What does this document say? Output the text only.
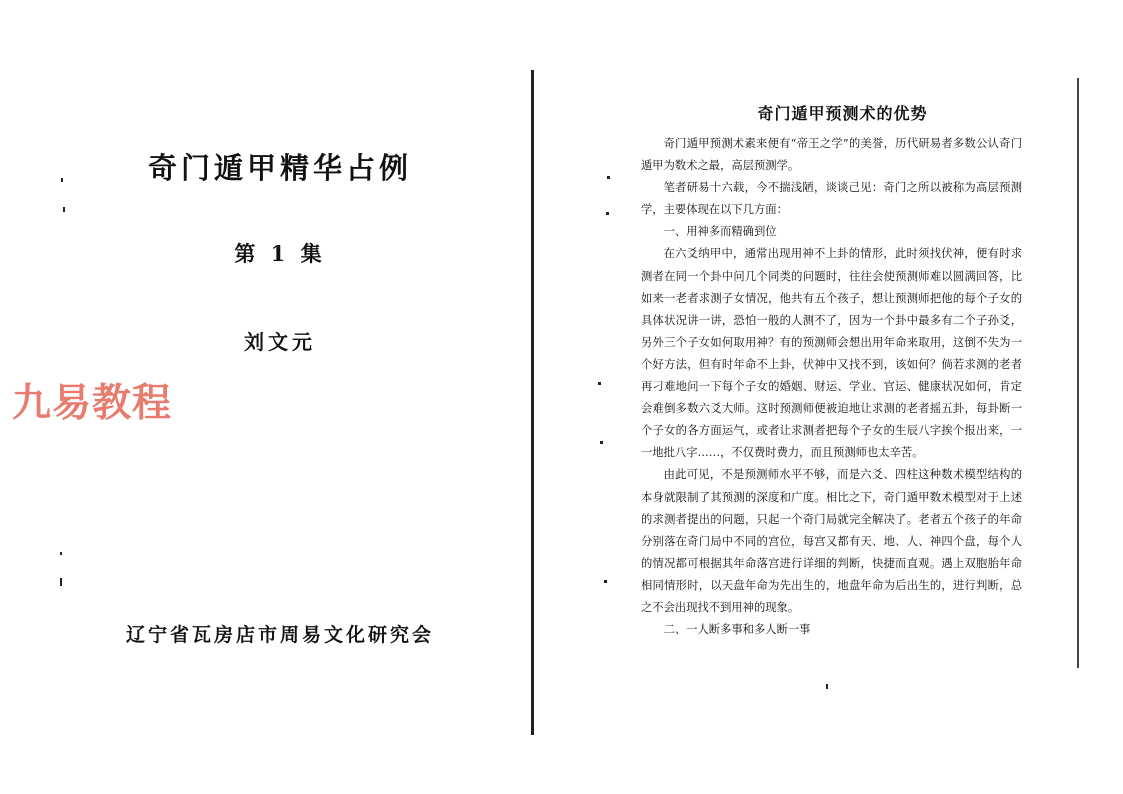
奇门遁甲精华占例
第 1 集
刘文元
辽宁省瓦房店市周易文化研究会
九易教程
奇门遁甲预测术的优势

奇门遁甲预测术素来便有“帝王之学”的美誉，历代研易者多数公认奇门遁甲为数术之最，高层预测学。

笔者研易十六载，今不揣浅陋，谈谈己见：奇门之所以被称为高层预测学，主要体现在以下几方面：

一、用神多而精确到位

在六爻纳甲中，通常出现用神不上卦的情形，此时须找伏神，便有时求测者在同一个卦中问几个同类的问题时，往往会使预测师难以圆满回答，比如来一老者求测子女情况，他共有五个孩子，想让预测师把他的每个子女的具体状况讲一讲，恐怕一般的人测不了，因为一个卦中最多有二个子孙爻，另外三个子女如何取用神？有的预测师会想出用年命来取用，这倒不失为一个好方法，但有时年命不上卦，伏神中又找不到，该如何？倘若求测的老者再刁难地问一下每个子女的婚姻、财运、学业、官运、健康状况如何，肯定会难倒多数六爻大师。这时预测师便被迫地让求测的老者摇五卦，每卦断一个子女的各方面运气，或者让求测者把每个子女的生辰八字挨个报出来，一一地批八字……，不仅费时费力，而且预测师也太辛苦。

由此可见，不是预测师水平不够，而是六爻、四柱这种数术模型结构的本身就限制了其预测的深度和广度。相比之下，奇门遁甲数术模型对于上述的求测者提出的问题，只起一个奇门局就完全解决了。老者五个孩子的年命分别落在奇门局中不同的宫位，每宫又都有天、地、人、神四个盘，每个人的情况都可根据其年命落宫进行详细的判断，快捷而直观。遇上双胞胎年命相同情形时，以天盘年命为先出生的，地盘年命为后出生的，进行判断，总之不会出现找不到用神的现象。

二、一人断多事和多人断一事
